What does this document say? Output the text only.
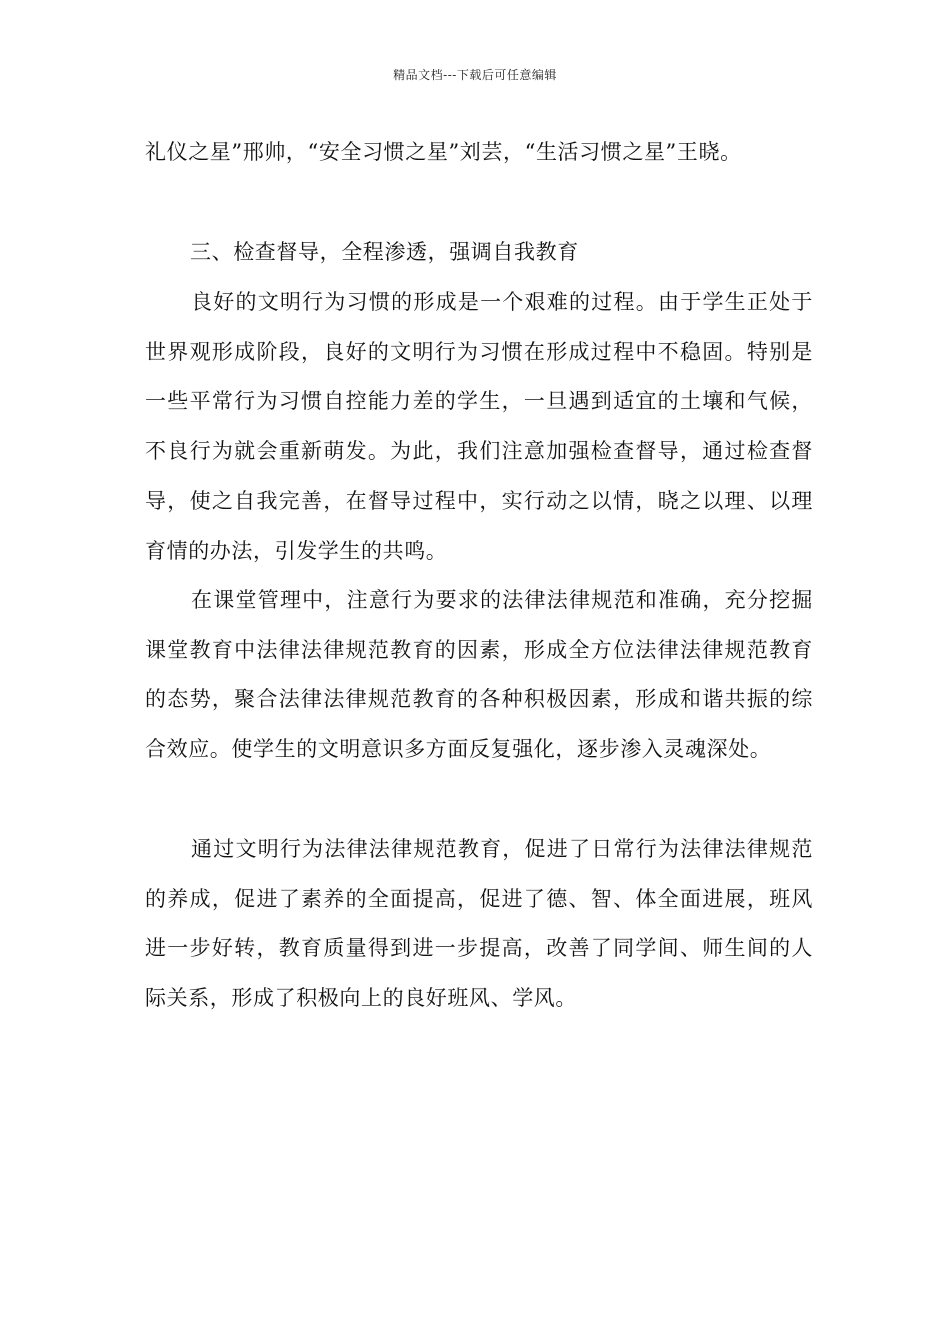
精品文档---下载后可任意编辑
礼仪之星”邢帅，“安全习惯之星”刘芸，“生活习惯之星”王晓。
三、检查督导，全程渗透，强调自我教育

良好的文明行为习惯的形成是一个艰难的过程。由于学生正处于世界观形成阶段，良好的文明行为习惯在形成过程中不稳固。特别是一些平常行为习惯自控能力差的学生，一旦遇到适宜的土壤和气候，不良行为就会重新萌发。为此，我们注意加强检查督导，通过检查督导，使之自我完善，在督导过程中，实行动之以情，晓之以理、以理育情的办法，引发学生的共鸣。

在课堂管理中，注意行为要求的法律法律规范和准确，充分挖掘课堂教育中法律法律规范教育的因素，形成全方位法律法律规范教育的态势，聚合法律法律规范教育的各种积极因素，形成和谐共振的综合效应。使学生的文明意识多方面反复强化，逐步渗入灵魂深处。

通过文明行为法律法律规范教育，促进了日常行为法律法律规范的养成，促进了素养的全面提高，促进了德、智、体全面进展，班风进一步好转，教育质量得到进一步提高，改善了同学间、师生间的人际关系，形成了积极向上的良好班风、学风。
